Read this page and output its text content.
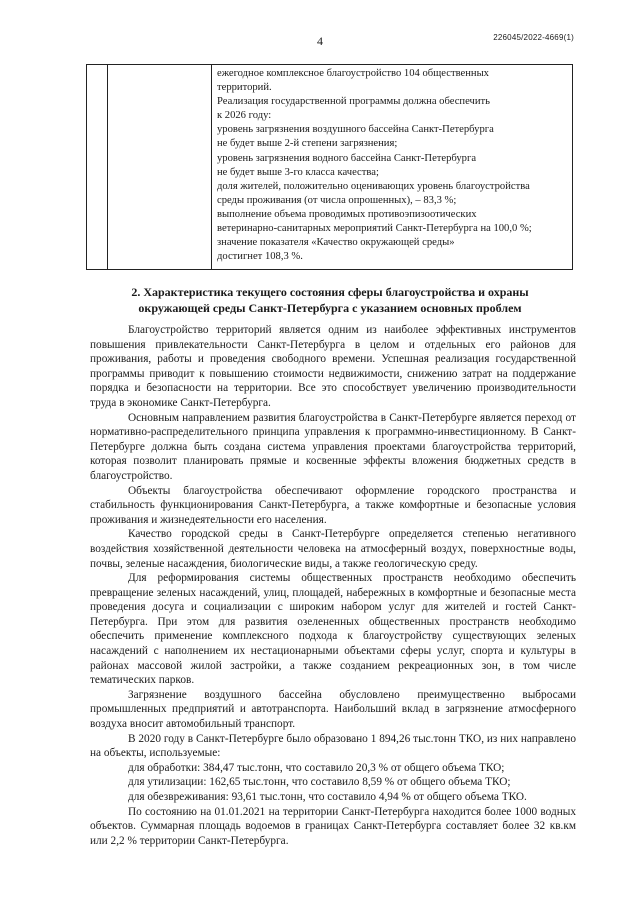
4	226045/2022-4669(1)

ежегодное комплексное благоустройство 104 общественных
территорий.
Реализация государственной программы должна обеспечить
к 2026 году:
уровень загрязнения воздушного бассейна Санкт-Петербурга
не будет выше 2-й степени загрязнения;
уровень загрязнения водного бассейна Санкт-Петербурга
не будет выше 3-го класса качества;
доля жителей, положительно оценивающих уровень благоустройства
среды проживания (от числа опрошенных), – 83,3 %;
выполнение объема проводимых противоэпизоотических
ветеринарно-санитарных мероприятий Санкт-Петербурга на 100,0 %;
значение показателя «Качество окружающей среды»
достигнет 108,3 %.
2. Характеристика текущего состояния сферы благоустройства и охраны
окружающей среды Санкт-Петербурга с указанием основных проблем

Благоустройство территорий является одним из наиболее эффективных инструментов повышения привлекательности Санкт-Петербурга в целом и отдельных его районов для проживания, работы и проведения свободного времени. Успешная реализация государственной программы приводит к повышению стоимости недвижимости, снижению затрат на поддержание порядка и безопасности на территории. Все это способствует увеличению производительности труда в экономике Санкт-Петербурга.

Основным направлением развития благоустройства в Санкт-Петербурге является переход от нормативно-распределительного принципа управления к программно-инвестиционному. В Санкт-Петербурге должна быть создана система управления проектами благоустройства территорий, которая позволит планировать прямые и косвенные эффекты вложения бюджетных средств в благоустройство.

Объекты благоустройства обеспечивают оформление городского пространства и стабильность функционирования Санкт-Петербурга, а также комфортные и безопасные условия проживания и жизнедеятельности его населения.

Качество городской среды в Санкт-Петербурге определяется степенью негативного воздействия хозяйственной деятельности человека на атмосферный воздух, поверхностные воды, почвы, зеленые насаждения, биологические виды, а также геологическую среду.

Для реформирования системы общественных пространств необходимо обеспечить превращение зеленых насаждений, улиц, площадей, набережных в комфортные и безопасные места проведения досуга и социализации с широким набором услуг для жителей и гостей Санкт-Петербурга. При этом для развития озелененных общественных пространств необходимо обеспечить применение комплексного подхода к благоустройству существующих зеленых насаждений с наполнением их нестационарными объектами сферы услуг, спорта и культуры в районах массовой жилой застройки, а также созданием рекреационных зон, в том числе тематических парков.

Загрязнение воздушного бассейна обусловлено преимущественно выбросами промышленных предприятий и автотранспорта. Наибольший вклад в загрязнение атмосферного воздуха вносит автомобильный транспорт.

В 2020 году в Санкт-Петербурге было образовано 1 894,26 тыс.тонн ТКО, из них направлено на объекты, используемые:

для обработки: 384,47 тыс.тонн, что составило 20,3 % от общего объема ТКО;

для утилизации: 162,65 тыс.тонн, что составило 8,59 % от общего объема ТКО;

для обезвреживания: 93,61 тыс.тонн, что составило 4,94 % от общего объема ТКО.

По состоянию на 01.01.2021 на территории Санкт-Петербурга находится более 1000 водных объектов. Суммарная площадь водоемов в границах Санкт-Петербурга составляет более 32 кв.км или 2,2 % территории Санкт-Петербурга.
